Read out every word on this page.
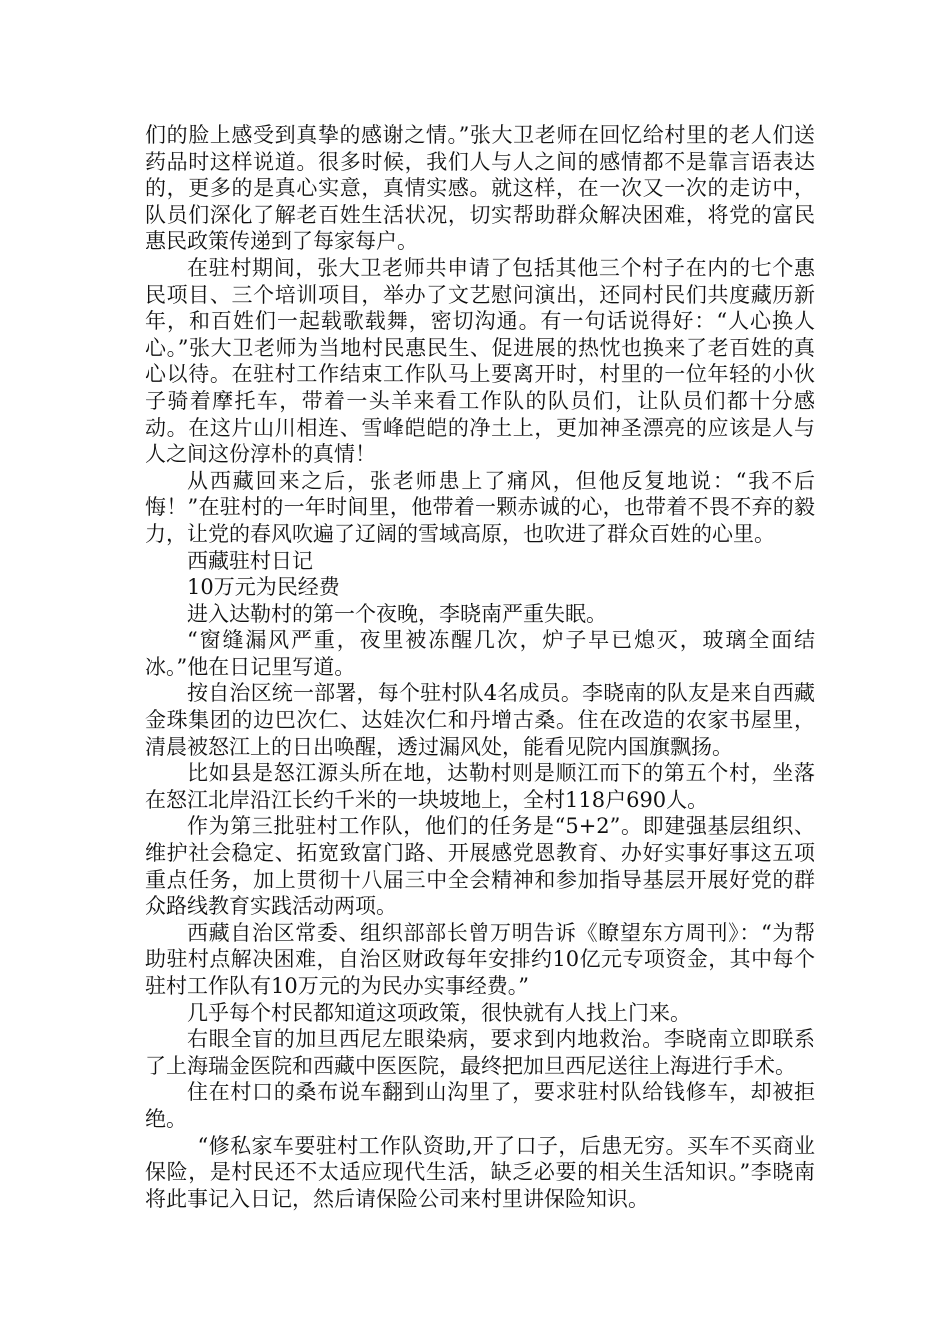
们的脸上感受到真挚的感谢之情。”张大卫老师在回忆给村里的老人们送药品时这样说道。很多时候，我们人与人之间的感情都不是靠言语表达的，更多的是真心实意，真情实感。就这样，在一次又一次的走访中，队员们深化了解老百姓生活状况，切实帮助群众解决困难，将党的富民惠民政策传递到了每家每户。

在驻村期间，张大卫老师共申请了包括其他三个村子在内的七个惠民项目、三个培训项目，举办了文艺慰问演出，还同村民们共度藏历新年，和百姓们一起载歌载舞，密切沟通。有一句话说得好：“人心换人心。”张大卫老师为当地村民惠民生、促进展的热忱也换来了老百姓的真心以待。在驻村工作结束工作队马上要离开时，村里的一位年轻的小伙子骑着摩托车，带着一头羊来看工作队的队员们，让队员们都十分感动。在这片山川相连、雪峰皑皑的净土上，更加神圣漂亮的应该是人与人之间这份淳朴的真情！

从西藏回来之后，张老师患上了痛风，但他反复地说：“我不后悔！”在驻村的一年时间里，他带着一颗赤诚的心，也带着不畏不弃的毅力，让党的春风吹遍了辽阔的雪域高原，也吹进了群众百姓的心里。

西藏驻村日记

10万元为民经费

进入达勒村的第一个夜晚，李晓南严重失眠。

“窗缝漏风严重，夜里被冻醒几次，炉子早已熄灭，玻璃全面结冰。”他在日记里写道。

按自治区统一部署，每个驻村队4名成员。李晓南的队友是来自西藏金珠集团的边巴次仁、达娃次仁和丹增古桑。住在改造的农家书屋里，清晨被怒江上的日出唤醒，透过漏风处，能看见院内国旗飘扬。

比如县是怒江源头所在地，达勒村则是顺江而下的第五个村，坐落在怒江北岸沿江长约千米的一块坡地上，全村118户690人。

作为第三批驻村工作队，他们的任务是“5+2”。即建强基层组织、维护社会稳定、拓宽致富门路、开展感党恩教育、办好实事好事这五项重点任务，加上贯彻十八届三中全会精神和参加指导基层开展好党的群众路线教育实践活动两项。

西藏自治区常委、组织部部长曾万明告诉《瞭望东方周刊》：“为帮助驻村点解决困难，自治区财政每年安排约10亿元专项资金，其中每个驻村工作队有10万元的为民办实事经费。”

几乎每个村民都知道这项政策，很快就有人找上门来。

右眼全盲的加旦西尼左眼染病，要求到内地救治。李晓南立即联系了上海瑞金医院和西藏中医医院，最终把加旦西尼送往上海进行手术。

住在村口的桑布说车翻到山沟里了，要求驻村队给钱修车，却被拒绝。

“修私家车要驻村工作队资助,开了口子，后患无穷。买车不买商业保险，是村民还不太适应现代生活，缺乏必要的相关生活知识。”李晓南将此事记入日记，然后请保险公司来村里讲保险知识。
